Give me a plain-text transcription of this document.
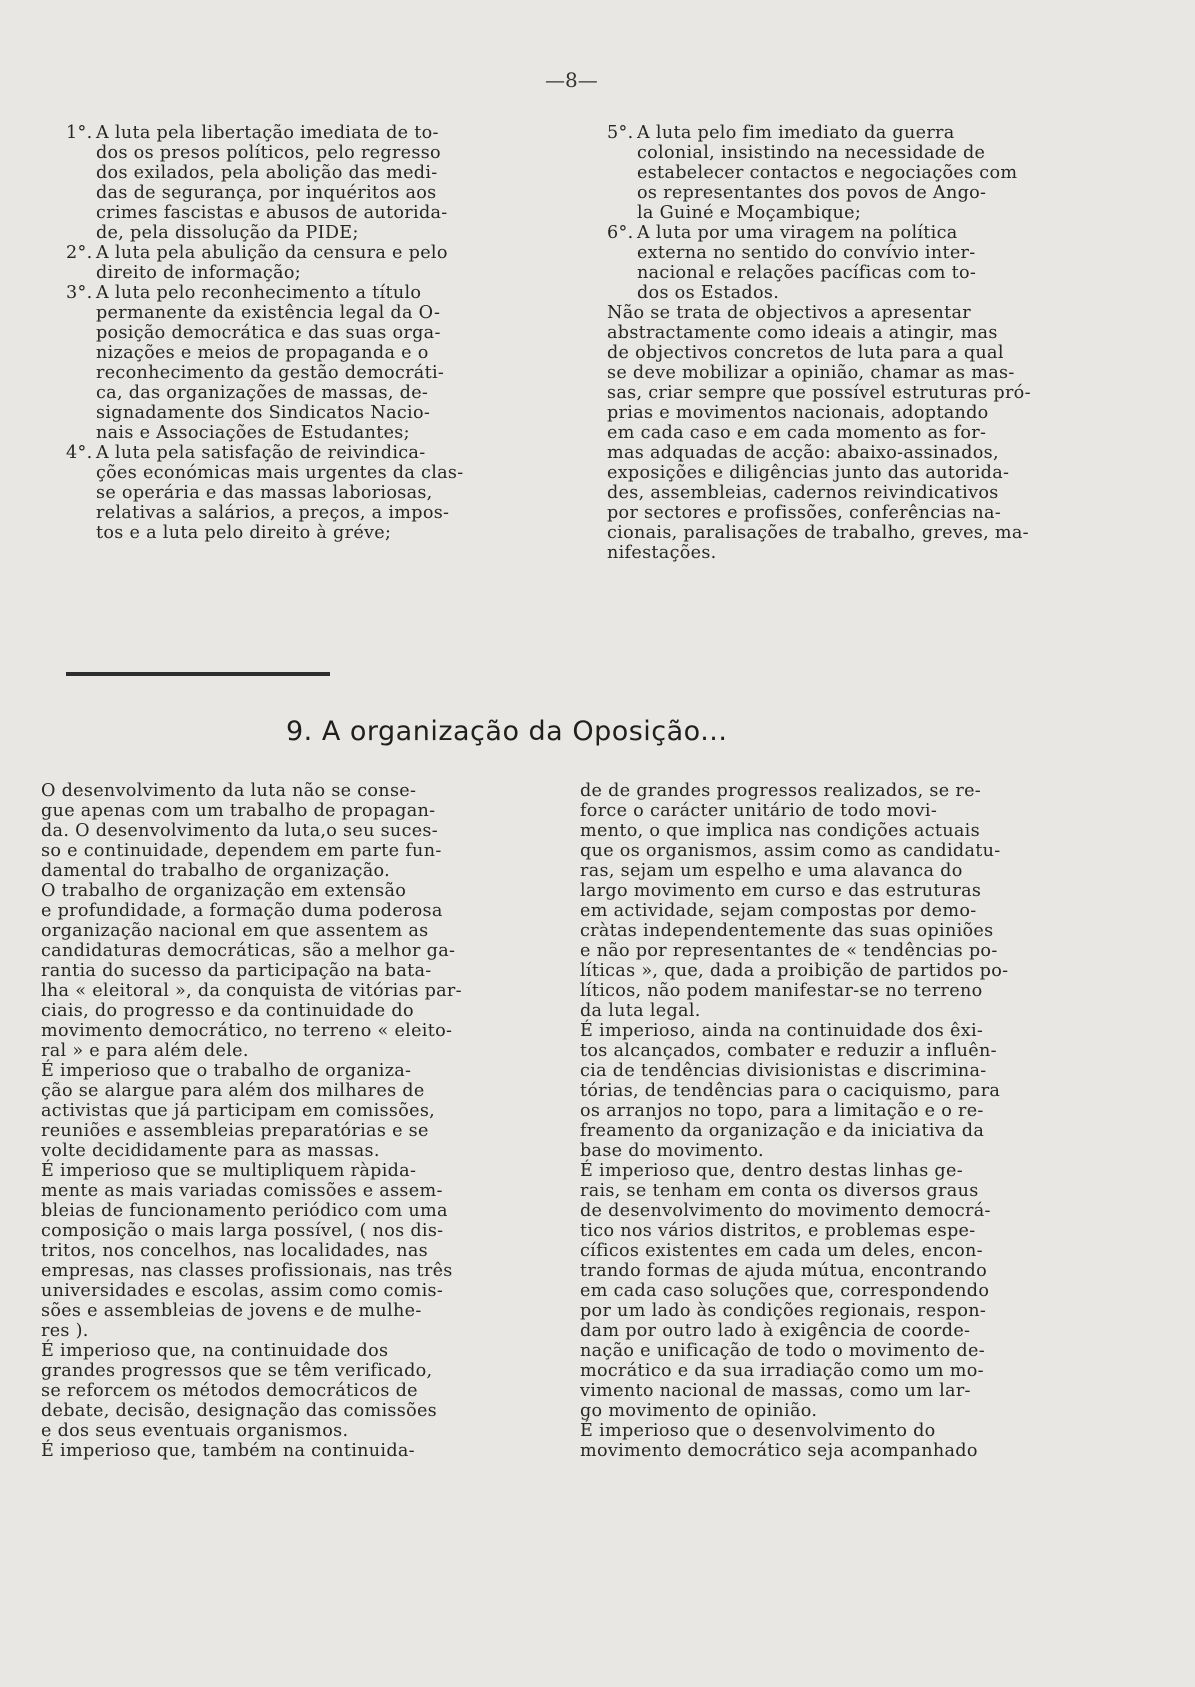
—8—
1°. A luta pela libertação imediata de to-
dos os presos políticos, pelo regresso
dos exilados, pela abolição das medi-
das de segurança, por inquéritos aos
crimes fascistas e abusos de autorida-
de, pela dissolução da PIDE;
2°. A luta pela abulição da censura e pelo
direito de informação;
3°. A luta pelo reconhecimento a título
permanente da existência legal da O-
posição democrática e das suas orga-
nizações e meios de propaganda e o
reconhecimento da gestão democráti-
ca, das organizações de massas, de-
signadamente dos Sindicatos Nacio-
nais e Associações de Estudantes;
4°. A luta pela satisfação de reivindica-
ções económicas mais urgentes da clas-
se operária e das massas laboriosas,
relativas a salários, a preços, a impos-
tos e a luta pelo direito à gréve;
5°. A luta pelo fim imediato da guerra
colonial, insistindo na necessidade de
estabelecer contactos e negociações com
os representantes dos povos de Ango-
la Guiné e Moçambique;
6°. A luta por uma viragem na política
externa no sentido do convívio inter-
nacional e relações pacíficas com to-
dos os Estados.

Não se trata de objectivos a apresentar
abstractamente como ideais a atingir, mas
de objectivos concretos de luta para a qual
se deve mobilizar a opinião, chamar as mas-
sas, criar sempre que possível estruturas pró-
prias e movimentos nacionais, adoptando
em cada caso e em cada momento as for-
mas adquadas de acção: abaixo-assinados,
exposições e diligências junto das autorida-
des, assembleias, cadernos reivindicativos
por sectores e profissões, conferências na-
cionais, paralisações de trabalho, greves, ma-
nifestações.

9. A organização da Oposição...

O desenvolvimento da luta não se conse-
gue apenas com um trabalho de propagan-
da. O desenvolvimento da luta,o seu suces-
so e continuidade, dependem em parte fun-
damental do trabalho de organização.

O trabalho de organização em extensão
e profundidade, a formação duma poderosa
organização nacional em que assentem as
candidaturas democráticas, são a melhor ga-
rantia do sucesso da participação na bata-
lha « eleitoral », da conquista de vitórias par-
ciais, do progresso e da continuidade do
movimento democrático, no terreno « eleito-
ral » e para além dele.

É imperioso que o trabalho de organiza-
ção se alargue para além dos milhares de
activistas que já participam em comissões,
reuniões e assembleias preparatórias e se
volte decididamente para as massas.

É imperioso que se multipliquem ràpida-
mente as mais variadas comissões e assem-
bleias de funcionamento periódico com uma
composição o mais larga possível, ( nos dis-
tritos, nos concelhos, nas localidades, nas
empresas, nas classes profissionais, nas três
universidades e escolas, assim como comis-
sões e assembleias de jovens e de mulhe-
res ).

É imperioso que, na continuidade dos
grandes progressos que se têm verificado,
se reforcem os métodos democráticos de
debate, decisão, designação das comissões
e dos seus eventuais organismos.

É imperioso que, também na continuida-

de de grandes progressos realizados, se re-
force o carácter unitário de todo movi-
mento, o que implica nas condições actuais
que os organismos, assim como as candidatu-
ras, sejam um espelho e uma alavanca do
largo movimento em curso e das estruturas
em actividade, sejam compostas por demo-
cràtas independentemente das suas opiniões
e não por representantes de « tendências po-
líticas », que, dada a proibição de partidos po-
líticos, não podem manifestar-se no terreno
da luta legal.

É imperioso, ainda na continuidade dos êxi-
tos alcançados, combater e reduzir a influên-
cia de tendências divisionistas e discrimina-
tórias, de tendências para o caciquismo, para
os arranjos no topo, para a limitação e o re-
freamento da organização e da iniciativa da
base do movimento.

É imperioso que, dentro destas linhas ge-
rais, se tenham em conta os diversos graus
de desenvolvimento do movimento democrá-
tico nos vários distritos, e problemas espe-
cíficos existentes em cada um deles, encon-
trando formas de ajuda mútua, encontrando
em cada caso soluções que, correspondendo
por um lado às condições regionais, respon-
dam por outro lado à exigência de coorde-
nação e unificação de todo o movimento de-
mocrático e da sua irradiação como um mo-
vimento nacional de massas, como um lar-
go movimento de opinião.

É imperioso que o desenvolvimento do
movimento democrático seja acompanhado
